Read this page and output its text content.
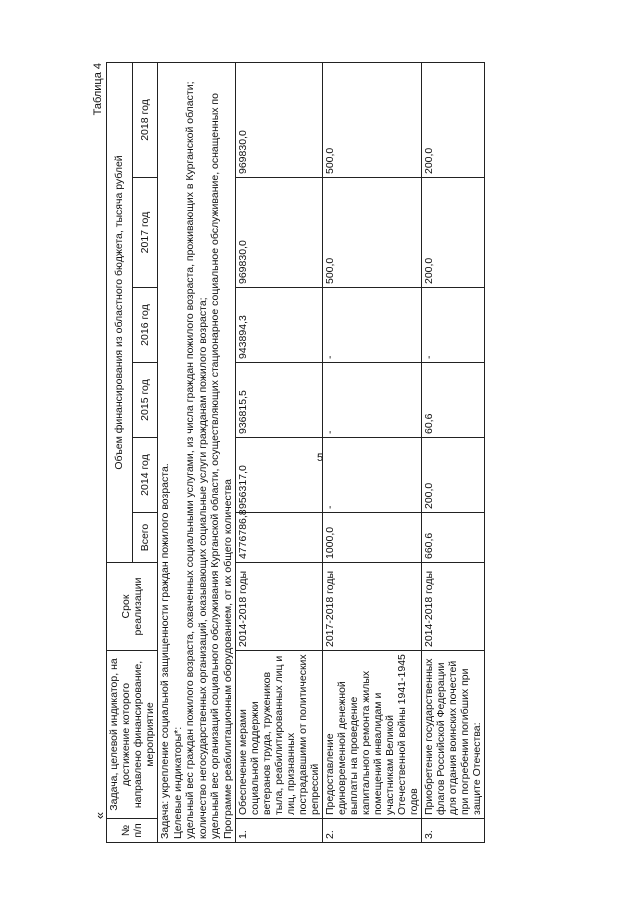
5
«
Таблица 4
№ п/п	Задача, целевой индикатор, на достижение которого направлено финансирование, мероприятие	Срок реализации	Объем финансирования из областного бюджета, тысяча рублей					
			Всего	2014 год	2015 год	2016 год	2017 год	2018 год

Задача: укрепление социальной защищенности граждан пожилого возраста. Целевые индикаторы*: удельный вес граждан пожилого возраста, охваченных социальными услугами, из числа граждан пожилого возраста, проживающих в Курганской области; количество негосударственных организаций, оказывающих социальные услуги гражданам пожилого возраста; удельный вес организаций социального обслуживания Курганской области, осуществляющих стационарное социальное обслуживание, оснащенных по Программе реабилитационным оборудованием, от их общего количества								

1.	Обеспечение мерами социальной поддержки ветеранов труда, тружеников тыла, реабилитированных лиц и лиц, признанных пострадавшими от политических репрессий	2014-2018 годы	4776786,8	956317,0	936815,5	943894,3	969830,0	969830,0
2.	Предоставление единовременной денежной выплаты на проведение капитального ремонта жилых помещений инвалидам и участникам Великой Отечественной войны 1941-1945 годов	2017-2018 годы	1000,0	-	-	-	500,0	500,0
3.	Приобретение государственных флагов Российской Федерации для отдания воинских почестей при погребении погибших при защите Отечества:	2014-2018 годы	660,6	200,0	60,6	-	200,0	200,0
